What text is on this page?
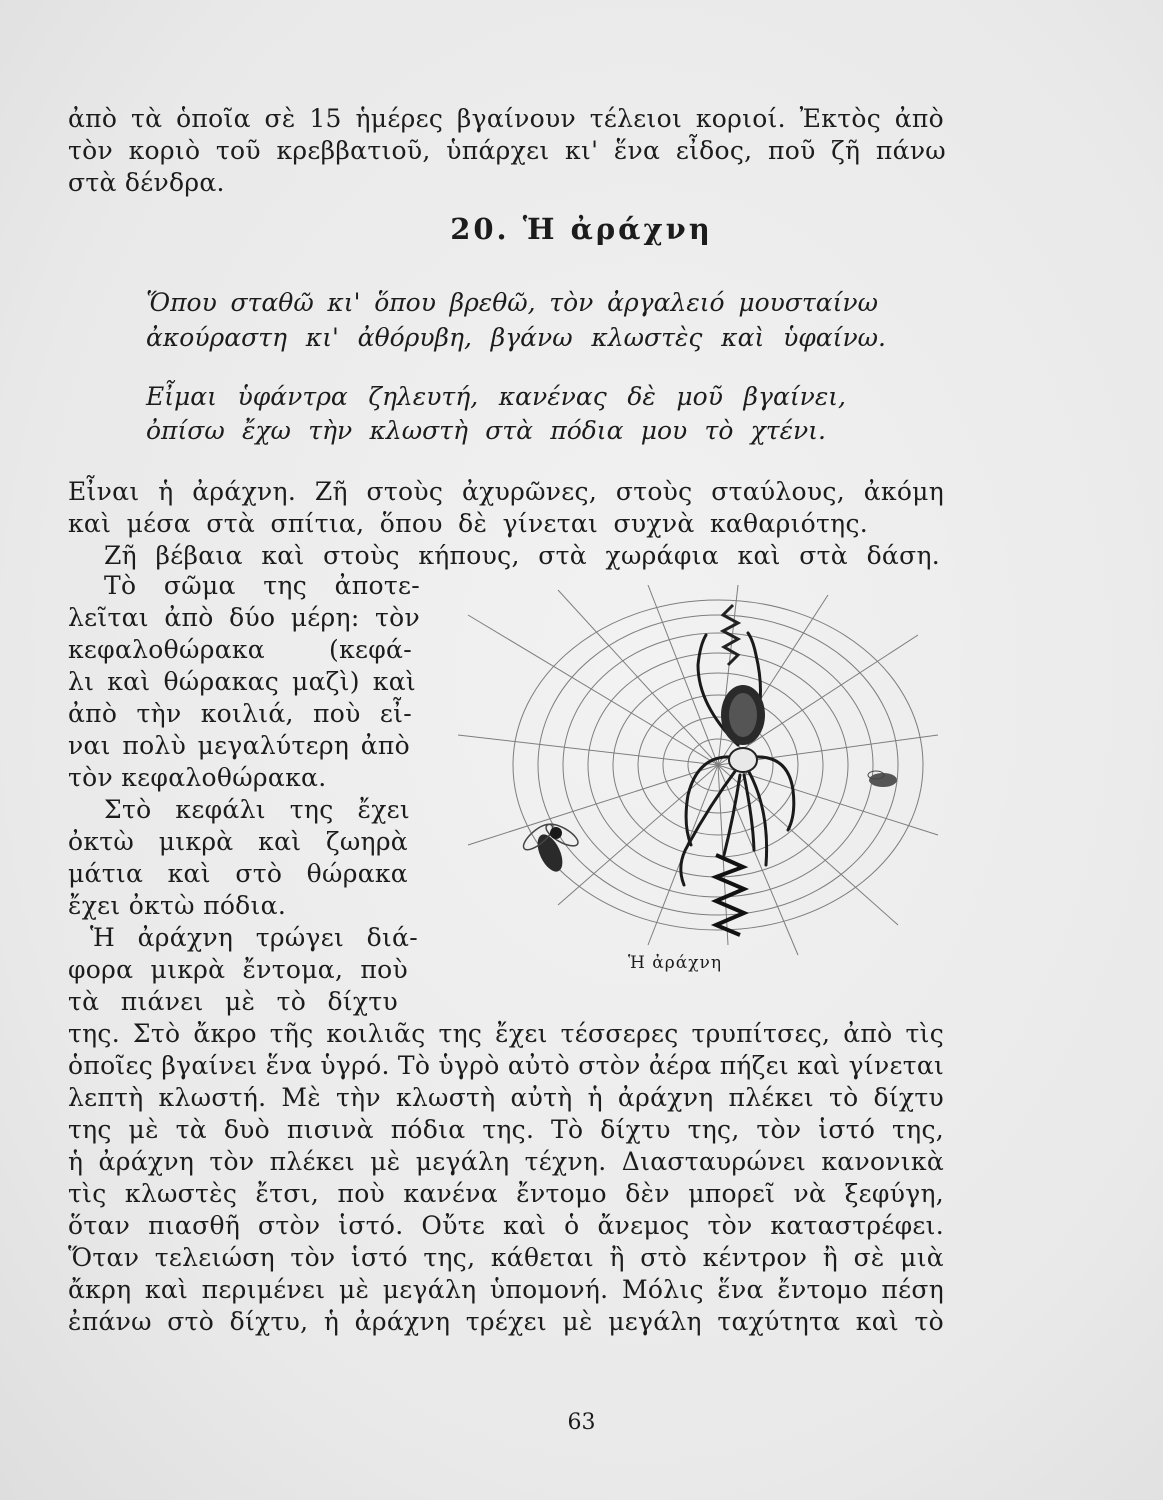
ἀπὸ τὰ ὁποῖα σὲ 15 ἡμέρες βγαίνουν τέλειοι κοριοί. Ἐκτὸς ἀπὸ
τὸν κοριὸ τοῦ κρεββατιοῦ, ὑπάρχει κι' ἕνα εἶδος, ποῦ ζῆ πάνω
στὰ δένδρα.
20. Ἡ ἀράχνη
Ὅπου σταθῶ κι' ὅπου βρεθῶ, τὸν ἀργαλειό μουσταίνω
ἀκούραστη κι' ἀθόρυβη, βγάνω κλωστὲς καὶ ὑφαίνω.
Εἶμαι ὑφάντρα ζηλευτή, κανένας δὲ μοῦ βγαίνει,
ὀπίσω ἔχω τὴν κλωστὴ στὰ πόδια μου τὸ χτένι.
Εἶναι ἡ ἀράχνη. Ζῆ στοὺς ἀχυρῶνες, στοὺς σταύλους, ἀκόμη
καὶ μέσα στὰ σπίτια, ὅπου δὲ γίνεται συχνὰ καθαριότης.
Ζῆ βέβαια καὶ στοὺς κήπους, στὰ χωράφια καὶ στὰ δάση.
Τὸ σῶμα της ἀποτε-
λεῖται ἀπὸ δύο μέρη: τὸν
κεφαλοθώρακα (κεφά-
λι καὶ θώρακας μαζὶ) καὶ
ἀπὸ τὴν κοιλιά, ποὺ εἶ-
ναι πολὺ μεγαλύτερη ἀπὸ
τὸν κεφαλοθώρακα.
Στὸ κεφάλι της ἔχει
ὀκτὼ μικρὰ καὶ ζωηρὰ
μάτια καὶ στὸ θώρακα
ἔχει ὀκτὼ πόδια.
Ἡ ἀράχνη τρώγει διά-
φορα μικρὰ ἔντομα, ποὺ
τὰ πιάνει μὲ τὸ δίχτυ
Ἡ ἀράχνη
της. Στὸ ἄκρο τῆς κοιλιᾶς της ἔχει τέσσερες τρυπίτσες, ἀπὸ τὶς
ὁποῖες βγαίνει ἕνα ὑγρό. Τὸ ὑγρὸ αὐτὸ στὸν ἀέρα πήζει καὶ γίνεται
λεπτὴ κλωστή. Μὲ τὴν κλωστὴ αὐτὴ ἡ ἀράχνη πλέκει τὸ δίχτυ
της μὲ τὰ δυὸ πισινὰ πόδια της. Τὸ δίχτυ της, τὸν ἱστό της,
ἡ ἀράχνη τὸν πλέκει μὲ μεγάλη τέχνη. Διασταυρώνει κανονικὰ
τὶς κλωστὲς ἔτσι, ποὺ κανένα ἔντομο δὲν μπορεῖ νὰ ξεφύγη,
ὅταν πιασθῆ στὸν ἱστό. Οὔτε καὶ ὁ ἄνεμος τὸν καταστρέφει.
Ὅταν τελειώση τὸν ἱστό της, κάθεται ἢ στὸ κέντρον ἢ σὲ μιὰ
ἄκρη καὶ περιμένει μὲ μεγάλη ὑπομονή. Μόλις ἕνα ἔντομο πέση
ἐπάνω στὸ δίχτυ, ἡ ἀράχνη τρέχει μὲ μεγάλη ταχύτητα καὶ τὸ
63
